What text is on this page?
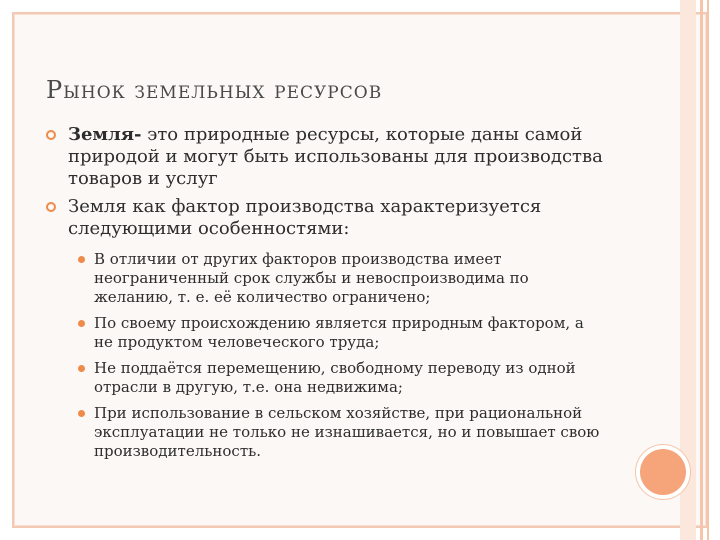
Рынок земельных ресурсов

Земля- это природные ресурсы, которые даны самой природой и могут быть использованы для производства товаров и услуг

Земля как фактор производства характеризуется следующими особенностями:

В отличии от других факторов производства имеет неограниченный срок службы и невоспроизводима по желанию, т. е. её количество ограничено;
По своему происхождению является природным фактором, а не продуктом человеческого труда;
Не поддаётся перемещению, свободному переводу из одной отрасли в другую, т.е. она недвижима;
При использование в сельском хозяйстве, при рациональной эксплуатации не только не изнашивается, но и повышает свою производительность.
